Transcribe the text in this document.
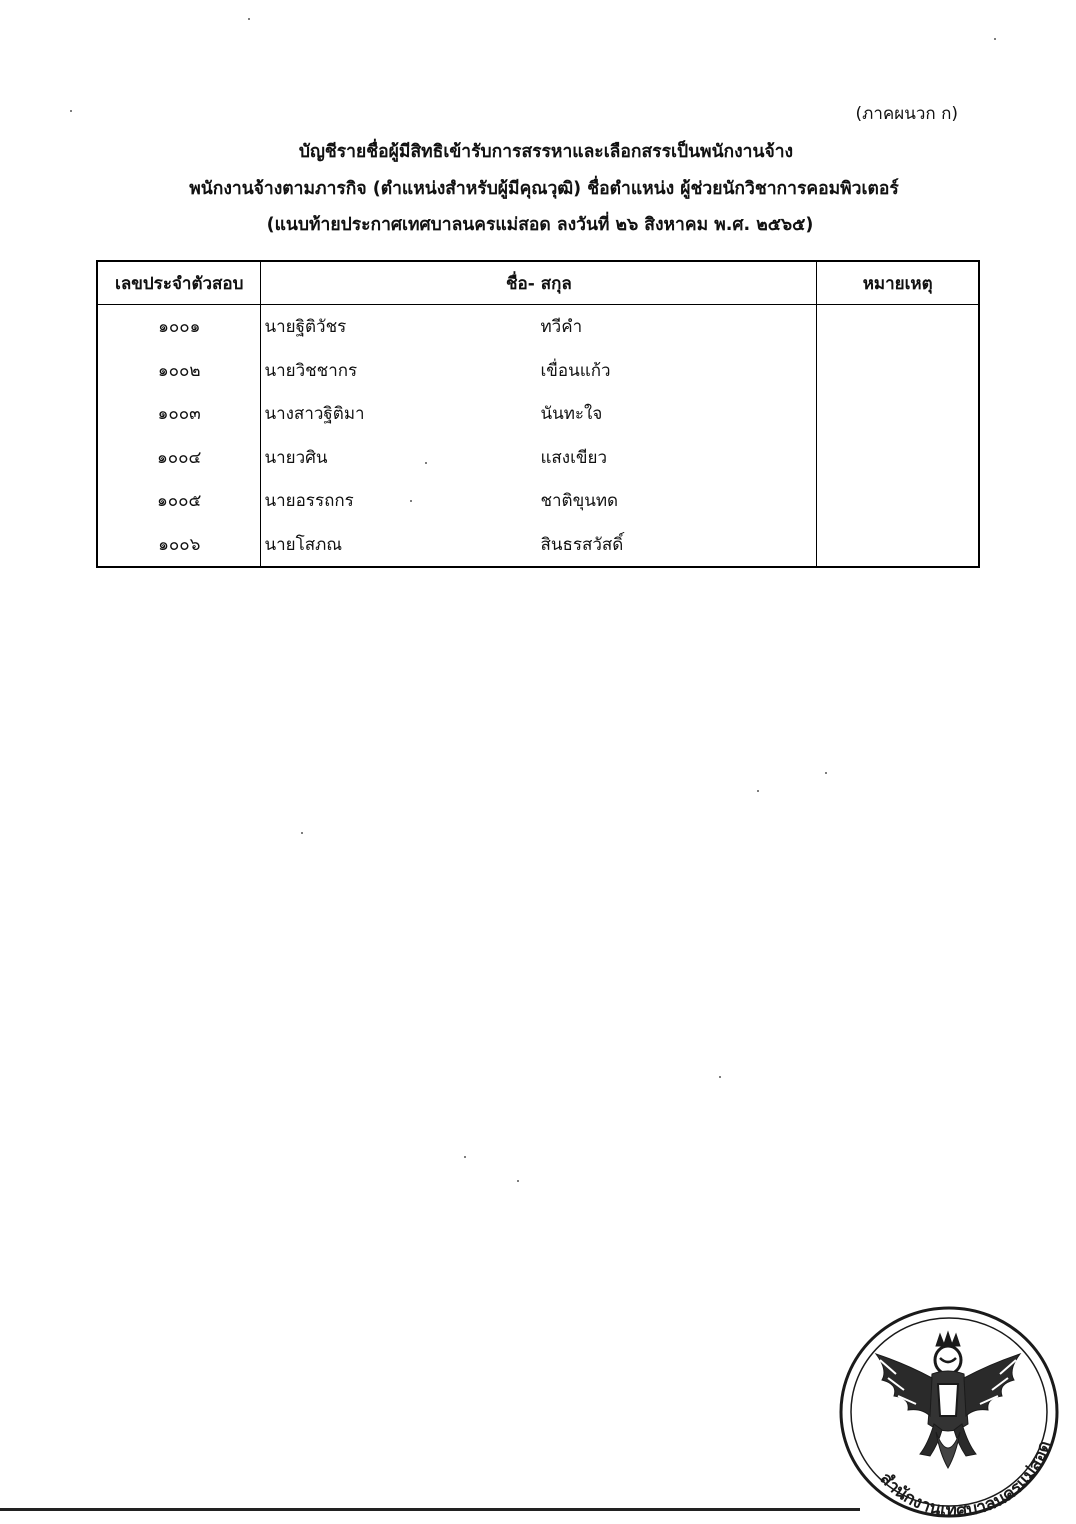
(ภาคผนวก ก)
บัญชีรายชื่อผู้มีสิทธิเข้ารับการสรรหาและเลือกสรรเป็นพนักงานจ้าง
พนักงานจ้างตามภารกิจ (ตำแหน่งสำหรับผู้มีคุณวุฒิ) ชื่อตำแหน่ง ผู้ช่วยนักวิชาการคอมพิวเตอร์
(แนบท้ายประกาศเทศบาลนครแม่สอด ลงวันที่ ๒๖ สิงหาคม พ.ศ. ๒๕๖๕)
เลขประจำตัวสอบ	ชื่อ- สกุล	หมายเหตุ
๑๐๐๑	นายฐิติวัชร ทวีคำ	

๑๐๐๒	นายวิชชากร เขื่อนแก้ว	

๑๐๐๓	นางสาวฐิติมา นันทะใจ	

๑๐๐๔	นายวศิน แสงเขียว	

๑๐๐๕	นายอรรถกร ชาติขุนทด	

๑๐๐๖	นายโสภณ สินธรสวัสดิ์	

สำนักงานเทศบาลนครแม่สอด
